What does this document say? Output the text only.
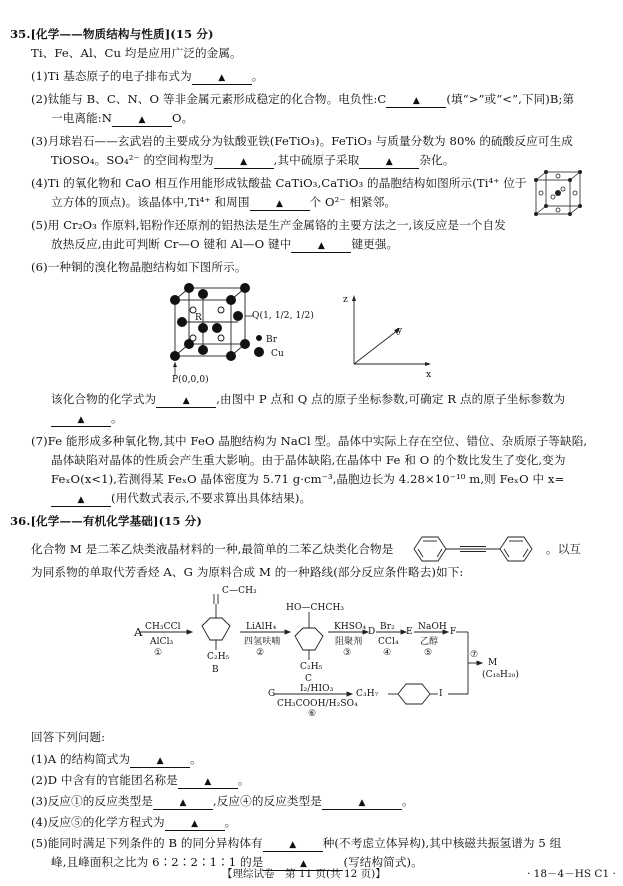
35.[化学——物质结构与性质](15 分)
Ti、Fe、Al、Cu 均是应用广泛的金属。
(1)Ti 基态原子的电子排布式为	▲ 。
(2)钛能与 B、C、N、O 等非金属元素形成稳定的化合物。电负性:C	▲ (填“>”或“<”,下同)B;第
一电离能:N	▲ O。
(3)月球岩石——玄武岩的主要成分为钛酸亚铁(FeTiO₃)。FeTiO₃ 与质量分数为 80% 的硫酸反应可生成
TiOSO₄。SO₄²⁻ 的空间构型为	▲ ,其中硫原子采取	▲ 杂化。
(4)Ti 的氧化物和 CaO 相互作用能形成钛酸盐 CaTiO₃,CaTiO₃ 的晶胞结构如图所示(Ti⁴⁺ 位于
立方体的顶点)。该晶体中,Ti⁴⁺ 和周围	▲ 个 O²⁻ 相紧邻。
(5)用 Cr₂O₃ 作原料,铝粉作还原剂的铝热法是生产金属铬的主要方法之一,该反应是一个自发
放热反应,由此可判断 Cr—O 键和 Al—O 键中	▲ 键更强。
(6)一种铜的溴化物晶胞结构如下图所示。
Q(1, 1/2, 1/2)
R
P(0,0,0)
Br
Cu
z
y
x
该化合物的化学式为	▲ ,由图中 P 点和 Q 点的原子坐标参数,可确定 R 点的原子坐标参数为
▲ 。
(7)Fe 能形成多种氧化物,其中 FeO 晶胞结构为 NaCl 型。晶体中实际上存在空位、错位、杂质原子等缺陷,
晶体缺陷对晶体的性质会产生重大影响。由于晶体缺陷,在晶体中 Fe 和 O 的个数比发生了变化,变为
FeₓO(x<1),若测得某 FeₓO 晶体密度为 5.71 g·cm⁻³,晶胞边长为 4.28×10⁻¹⁰ m,则 FeₓO 中 x=
▲ (用代数式表示,不要求算出具体结果)。
36.[化学——有机化学基础](15 分)
化合物 M 是二苯乙炔类液晶材料的一种,最简单的二苯乙炔类化合物是	。以互
为同系物的单取代芳香烃 A、G 为原料合成 M 的一种路线(部分反应条件略去)如下:
A CH₃CCl
AlCl₃
①
C—CH₃
C₂H₅
B
LiAlH₄
四氢呋喃
②
HO—CHCH₃
C₂H₅
C
KHSO₄
阻聚剂
③
D Br₂
CCl₄
④
E NaOH
乙醇
⑤
F
⑦
M
(C₁₈H₂₀)
G	I₂/HIO₃
CH₃COOH/H₂SO₄
⑥
C₃H₇	I
回答下列问题:
(1)A 的结构简式为	▲ 。
(2)D 中含有的官能团名称是	▲ 。
(3)反应①的反应类型是	▲ ,反应④的反应类型是	▲	。
(4)反应⑤的化学方程式为	▲ 。
(5)能同时满足下列条件的 B 的同分异构体有	▲ 种(不考虑立体异构),其中核磁共振氢谱为 5 组
峰,且峰面积之比为 6∶2∶2∶1∶1 的是	▲	(写结构简式)。
【理综试卷　第 11 页(共 12 页)】	· 18－4－HS C1 ·
